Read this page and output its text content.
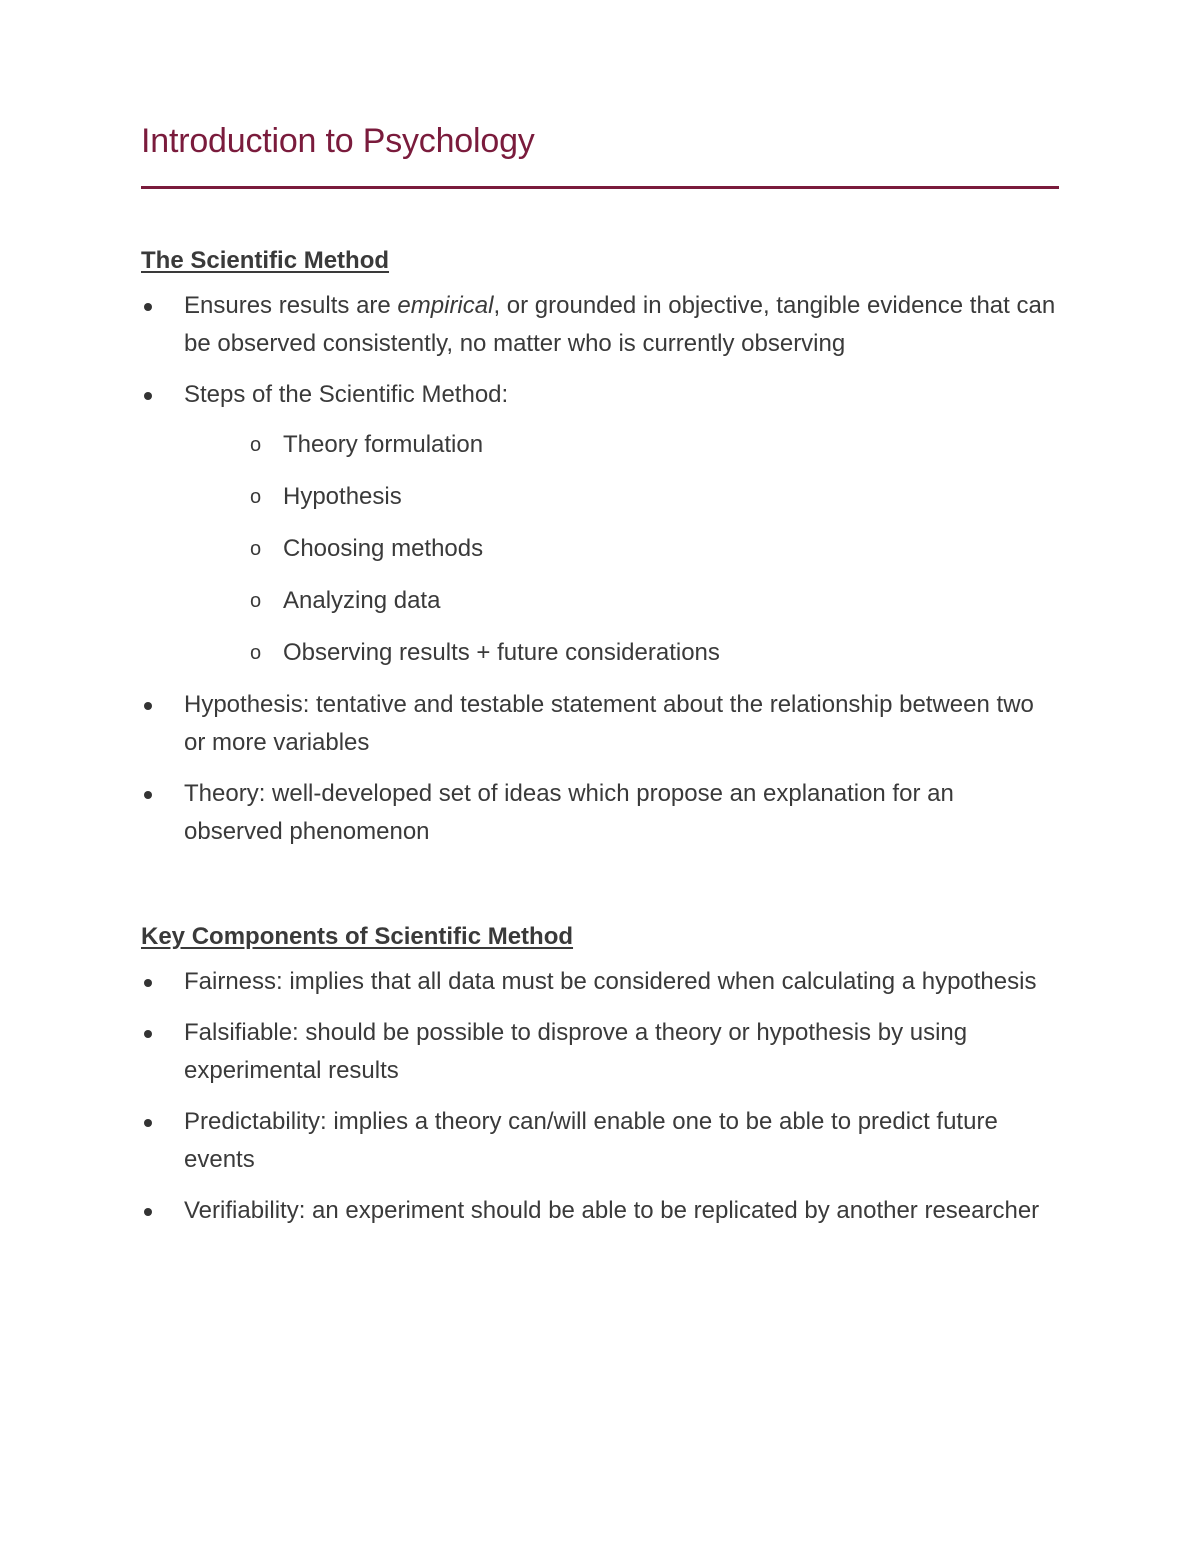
Introduction to Psychology
The Scientific Method
Ensures results are empirical, or grounded in objective, tangible evidence that can be observed consistently, no matter who is currently observing
Steps of the Scientific Method:
o Theory formulation
o Hypothesis
o Choosing methods
o Analyzing data
o Observing results + future considerations
Hypothesis: tentative and testable statement about the relationship between two or more variables
Theory: well-developed set of ideas which propose an explanation for an observed phenomenon
Key Components of Scientific Method
Fairness: implies that all data must be considered when calculating a hypothesis
Falsifiable: should be possible to disprove a theory or hypothesis by using experimental results
Predictability: implies a theory can/will enable one to be able to predict future events
Verifiability: an experiment should be able to be replicated by another researcher
